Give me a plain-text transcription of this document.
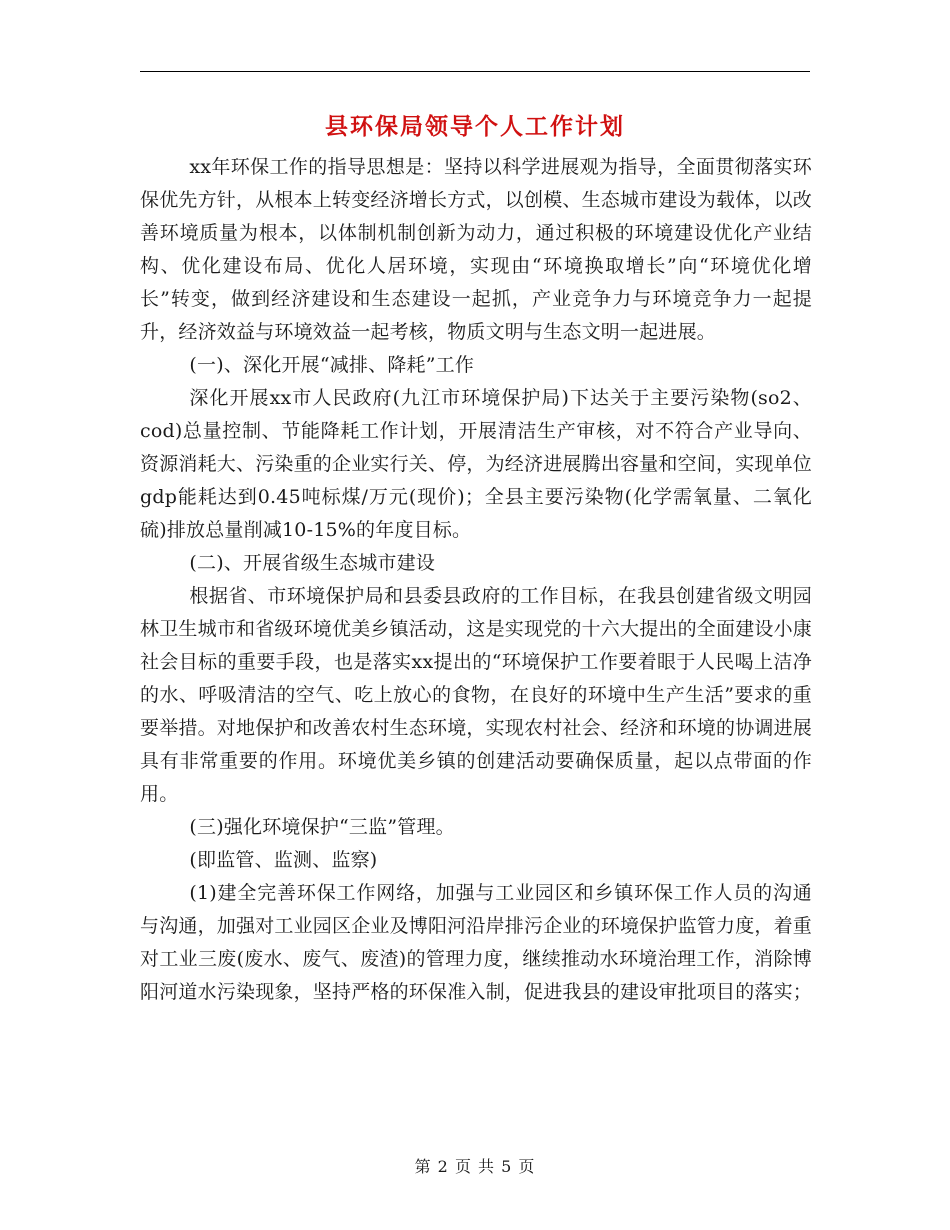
县环保局领导个人工作计划

xx年环保工作的指导思想是：坚持以科学进展观为指导，全面贯彻落实环保优先方针，从根本上转变经济增长方式，以创模、生态城市建设为载体，以改善环境质量为根本，以体制机制创新为动力，通过积极的环境建设优化产业结构、优化建设布局、优化人居环境，实现由“环境换取增长”向“环境优化增长”转变，做到经济建设和生态建设一起抓，产业竞争力与环境竞争力一起提升，经济效益与环境效益一起考核，物质文明与生态文明一起进展。

(一)、深化开展“减排、降耗”工作

深化开展xx市人民政府(九江市环境保护局)下达关于主要污染物(so2、cod)总量控制、节能降耗工作计划，开展清洁生产审核，对不符合产业导向、资源消耗大、污染重的企业实行关、停，为经济进展腾出容量和空间，实现单位gdp能耗达到0.45吨标煤/万元(现价)；全县主要污染物(化学需氧量、二氧化硫)排放总量削减10-15%的年度目标。

(二)、开展省级生态城市建设

根据省、市环境保护局和县委县政府的工作目标，在我县创建省级文明园林卫生城市和省级环境优美乡镇活动，这是实现党的十六大提出的全面建设小康社会目标的重要手段，也是落实xx提出的“环境保护工作要着眼于人民喝上洁净的水、呼吸清洁的空气、吃上放心的食物，在良好的环境中生产生活”要求的重要举措。对地保护和改善农村生态环境，实现农村社会、经济和环境的协调进展具有非常重要的作用。环境优美乡镇的创建活动要确保质量，起以点带面的作用。

(三)强化环境保护“三监”管理。

(即监管、监测、监察)

(1)建全完善环保工作网络，加强与工业园区和乡镇环保工作人员的沟通与沟通，加强对工业园区企业及博阳河沿岸排污企业的环境保护监管力度，着重对工业三废(废水、废气、废渣)的管理力度，继续推动水环境治理工作，消除博阳河道水污染现象，坚持严格的环保准入制，促进我县的建设审批项目的落实；

第 2 页 共 5 页
